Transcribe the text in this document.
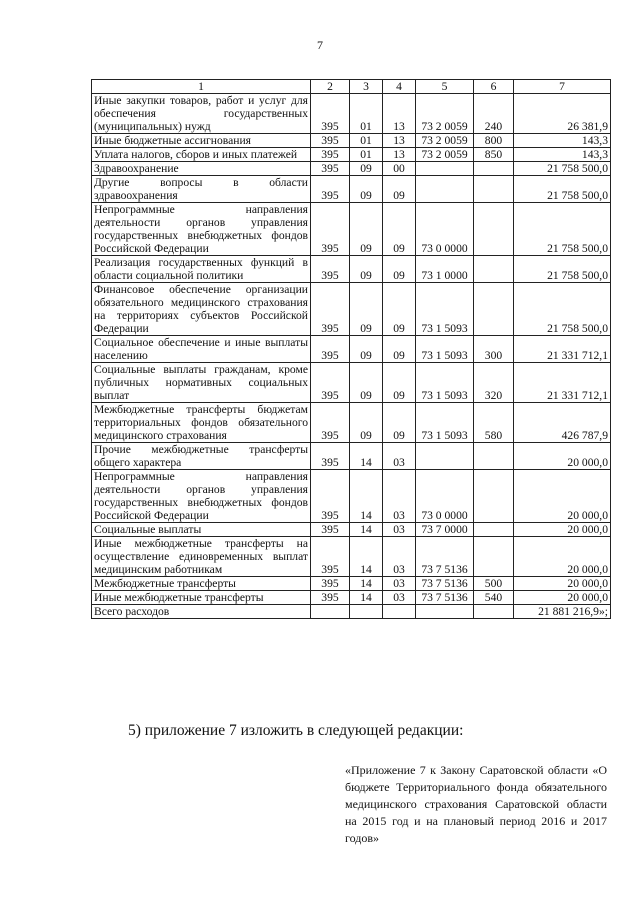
7
1	2	3	4	5	6	7
Иные закупки товаров, работ и услуг для обеспечения государственных (муниципальных) нужд	395	01	13	73 2 0059	240	26 381,9
Иные бюджетные ассигнования	395	01	13	73 2 0059	800	143,3
Уплата налогов, сборов и иных платежей	395	01	13	73 2 0059	850	143,3
Здравоохранение	395	09	00			21 758 500,0
Другие вопросы в области здравоохранения	395	09	09			21 758 500,0
Непрограммные направления деятельности органов управления государственных внебюджетных фондов Российской Федерации	395	09	09	73 0 0000		21 758 500,0
Реализация государственных функций в области социальной политики	395	09	09	73 1 0000		21 758 500,0
Финансовое обеспечение организации обязательного медицинского страхования на территориях субъектов Российской Федерации	395	09	09	73 1 5093		21 758 500,0
Социальное обеспечение и иные выплаты населению	395	09	09	73 1 5093	300	21 331 712,1
Социальные выплаты гражданам, кроме публичных нормативных социальных выплат	395	09	09	73 1 5093	320	21 331 712,1
Межбюджетные трансферты бюджетам территориальных фондов обязательного медицинского страхования	395	09	09	73 1 5093	580	426 787,9
Прочие межбюджетные трансферты общего характера	395	14	03			20 000,0
Непрограммные направления деятельности органов управления государственных внебюджетных фондов Российской Федерации	395	14	03	73 0 0000		20 000,0
Социальные выплаты	395	14	03	73 7 0000		20 000,0
Иные межбюджетные трансферты на осуществление единовременных выплат медицинским работникам	395	14	03	73 7 5136		20 000,0
Межбюджетные трансферты	395	14	03	73 7 5136	500	20 000,0
Иные межбюджетные трансферты	395	14	03	73 7 5136	540	20 000,0
Всего расходов						21 881 216,9»;
5) приложение 7 изложить в следующей редакции:
«Приложение 7 к Закону Саратовской области «О бюджете Территориального фонда обязательного медицинского страхования Саратовской области на 2015 год и на плановый период 2016 и 2017 годов»
